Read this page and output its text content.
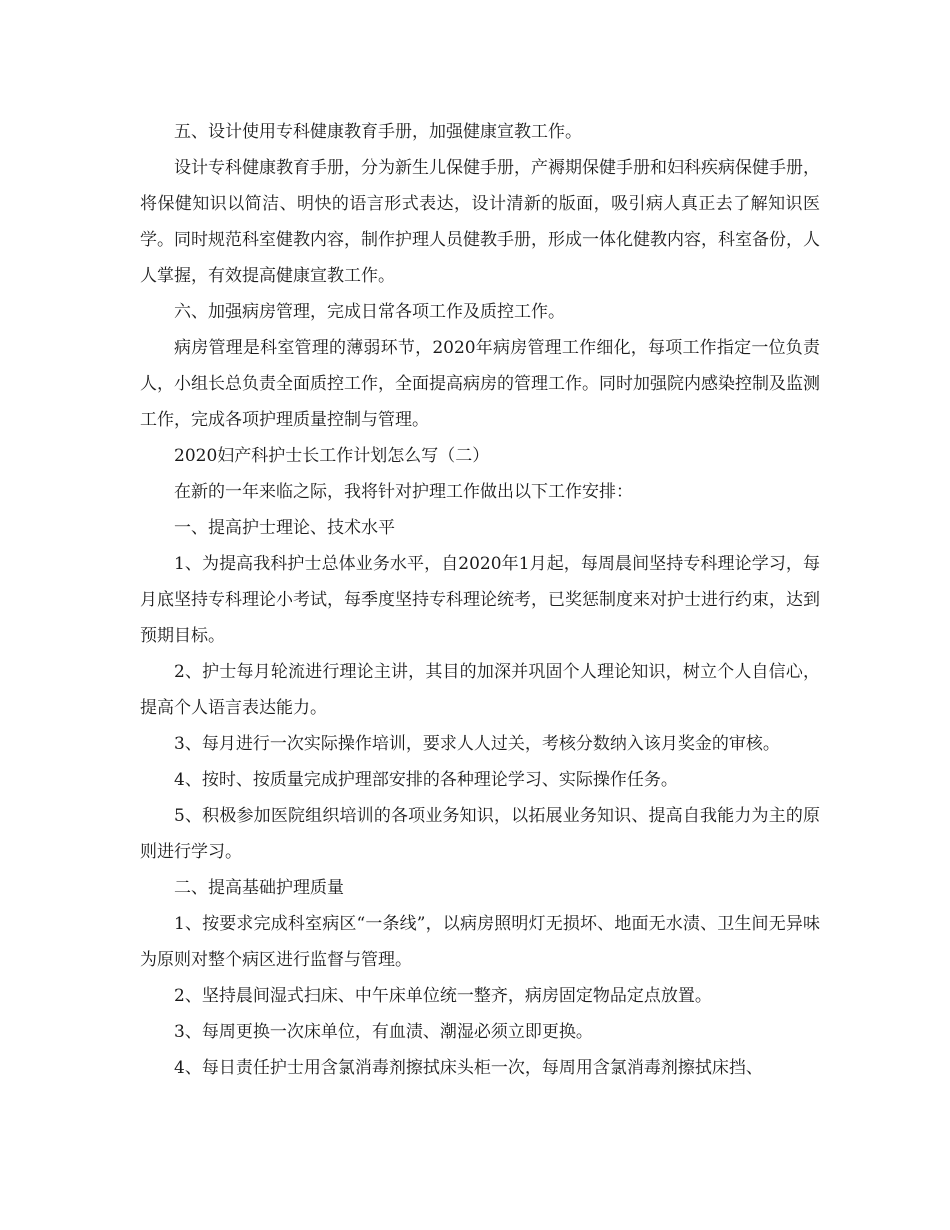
五、设计使用专科健康教育手册，加强健康宣教工作。

设计专科健康教育手册，分为新生儿保健手册，产褥期保健手册和妇科疾病保健手册，将保健知识以简洁、明快的语言形式表达，设计清新的版面，吸引病人真正去了解知识医学。同时规范科室健教内容，制作护理人员健教手册，形成一体化健教内容，科室备份，人人掌握，有效提高健康宣教工作。

六、加强病房管理，完成日常各项工作及质控工作。

病房管理是科室管理的薄弱环节，2020年病房管理工作细化，每项工作指定一位负责人，小组长总负责全面质控工作，全面提高病房的管理工作。同时加强院内感染控制及监测工作，完成各项护理质量控制与管理。

2020妇产科护士长工作计划怎么写（二）

在新的一年来临之际，我将针对护理工作做出以下工作安排：

一、提高护士理论、技术水平

1、为提高我科护士总体业务水平，自2020年1月起，每周晨间坚持专科理论学习，每月底坚持专科理论小考试，每季度坚持专科理论统考，已奖惩制度来对护士进行约束，达到预期目标。

2、护士每月轮流进行理论主讲，其目的加深并巩固个人理论知识，树立个人自信心，提高个人语言表达能力。

3、每月进行一次实际操作培训，要求人人过关，考核分数纳入该月奖金的审核。

4、按时、按质量完成护理部安排的各种理论学习、实际操作任务。

5、积极参加医院组织培训的各项业务知识，以拓展业务知识、提高自我能力为主的原则进行学习。

二、提高基础护理质量

1、按要求完成科室病区“一条线”，以病房照明灯无损坏、地面无水渍、卫生间无异味为原则对整个病区进行监督与管理。

2、坚持晨间湿式扫床、中午床单位统一整齐，病房固定物品定点放置。

3、每周更换一次床单位，有血渍、潮湿必须立即更换。

4、每日责任护士用含氯消毒剂擦拭床头柜一次，每周用含氯消毒剂擦拭床挡、
